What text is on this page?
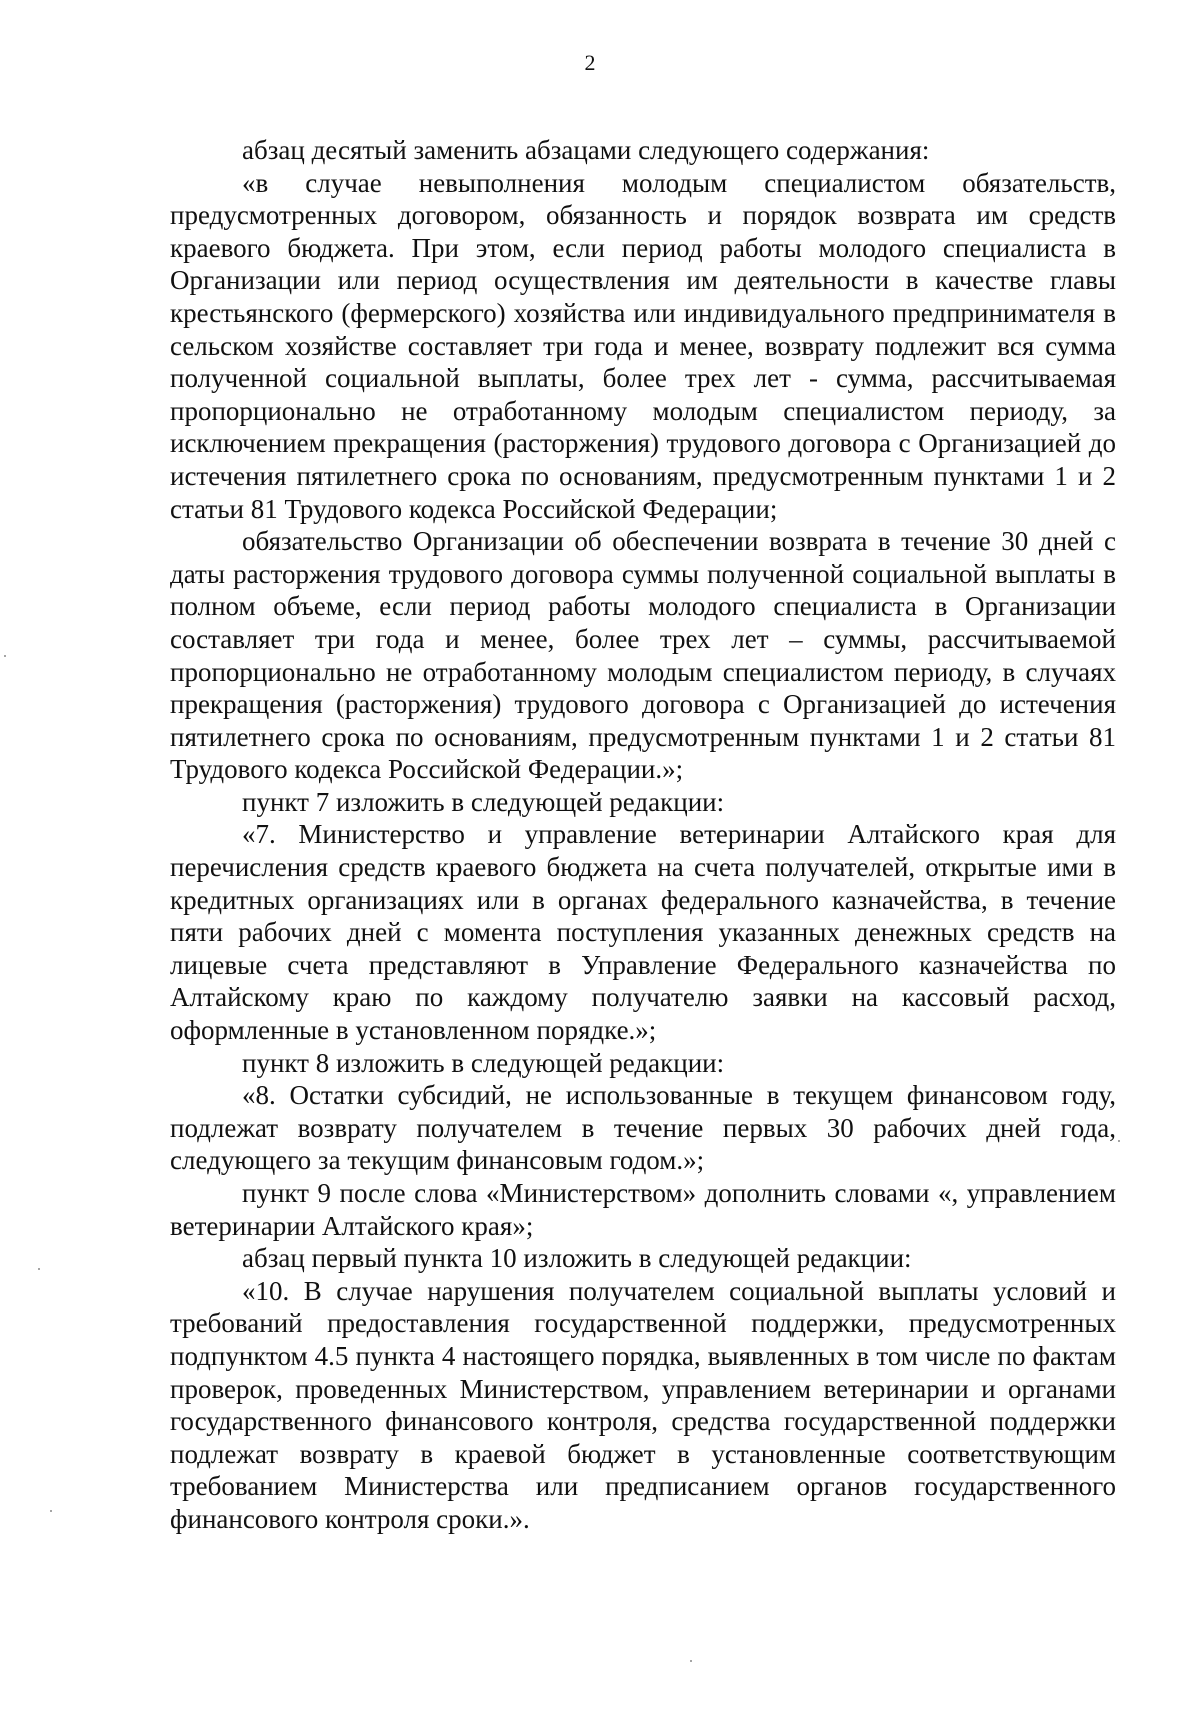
2

абзац десятый заменить абзацами следующего содержания:

«в случае невыполнения молодым специалистом обязательств, предусмотренных договором, обязанность и порядок возврата им средств краевого бюджета. При этом, если период работы молодого специалиста в Организации или период осуществления им деятельности в качестве главы крестьянского (фермерского) хозяйства или индивидуального предпринимателя в сельском хозяйстве составляет три года и менее, возврату подлежит вся сумма полученной социальной выплаты, более трех лет - сумма, рассчитываемая пропорционально не отработанному молодым специалистом периоду, за исключением прекращения (расторжения) трудового договора с Организацией до истечения пятилетнего срока по основаниям, предусмотренным пунктами 1 и 2 статьи 81 Трудового кодекса Российской Федерации;

обязательство Организации об обеспечении возврата в течение 30 дней с даты расторжения трудового договора суммы полученной социальной выплаты в полном объеме, если период работы молодого специалиста в Организации составляет три года и менее, более трех лет – суммы, рассчитываемой пропорционально не отработанному молодым специалистом периоду, в случаях прекращения (расторжения) трудового договора с Организацией до истечения пятилетнего срока по основаниям, предусмотренным пунктами 1 и 2 статьи 81 Трудового кодекса Российской Федерации.»;

пункт 7 изложить в следующей редакции:

«7. Министерство и управление ветеринарии Алтайского края для перечисления средств краевого бюджета на счета получателей, открытые ими в кредитных организациях или в органах федерального казначейства, в течение пяти рабочих дней с момента поступления указанных денежных средств на лицевые счета представляют в Управление Федерального казначейства по Алтайскому краю по каждому получателю заявки на кассовый расход, оформленные в установленном порядке.»;

пункт 8 изложить в следующей редакции:

«8. Остатки субсидий, не использованные в текущем финансовом году, подлежат возврату получателем в течение первых 30 рабочих дней года, следующего за текущим финансовым годом.»;

пункт 9 после слова «Министерством» дополнить словами «, управлением ветеринарии Алтайского края»;

абзац первый пункта 10 изложить в следующей редакции:

«10. В случае нарушения получателем социальной выплаты условий и требований предоставления государственной поддержки, предусмотренных подпунктом 4.5 пункта 4 настоящего порядка, выявленных в том числе по фактам проверок, проведенных Министерством, управлением ветеринарии и органами государственного финансового контроля, средства государственной поддержки подлежат возврату в краевой бюджет в установленные соответствующим требованием Министерства или предписанием органов государственного финансового контроля сроки.».
